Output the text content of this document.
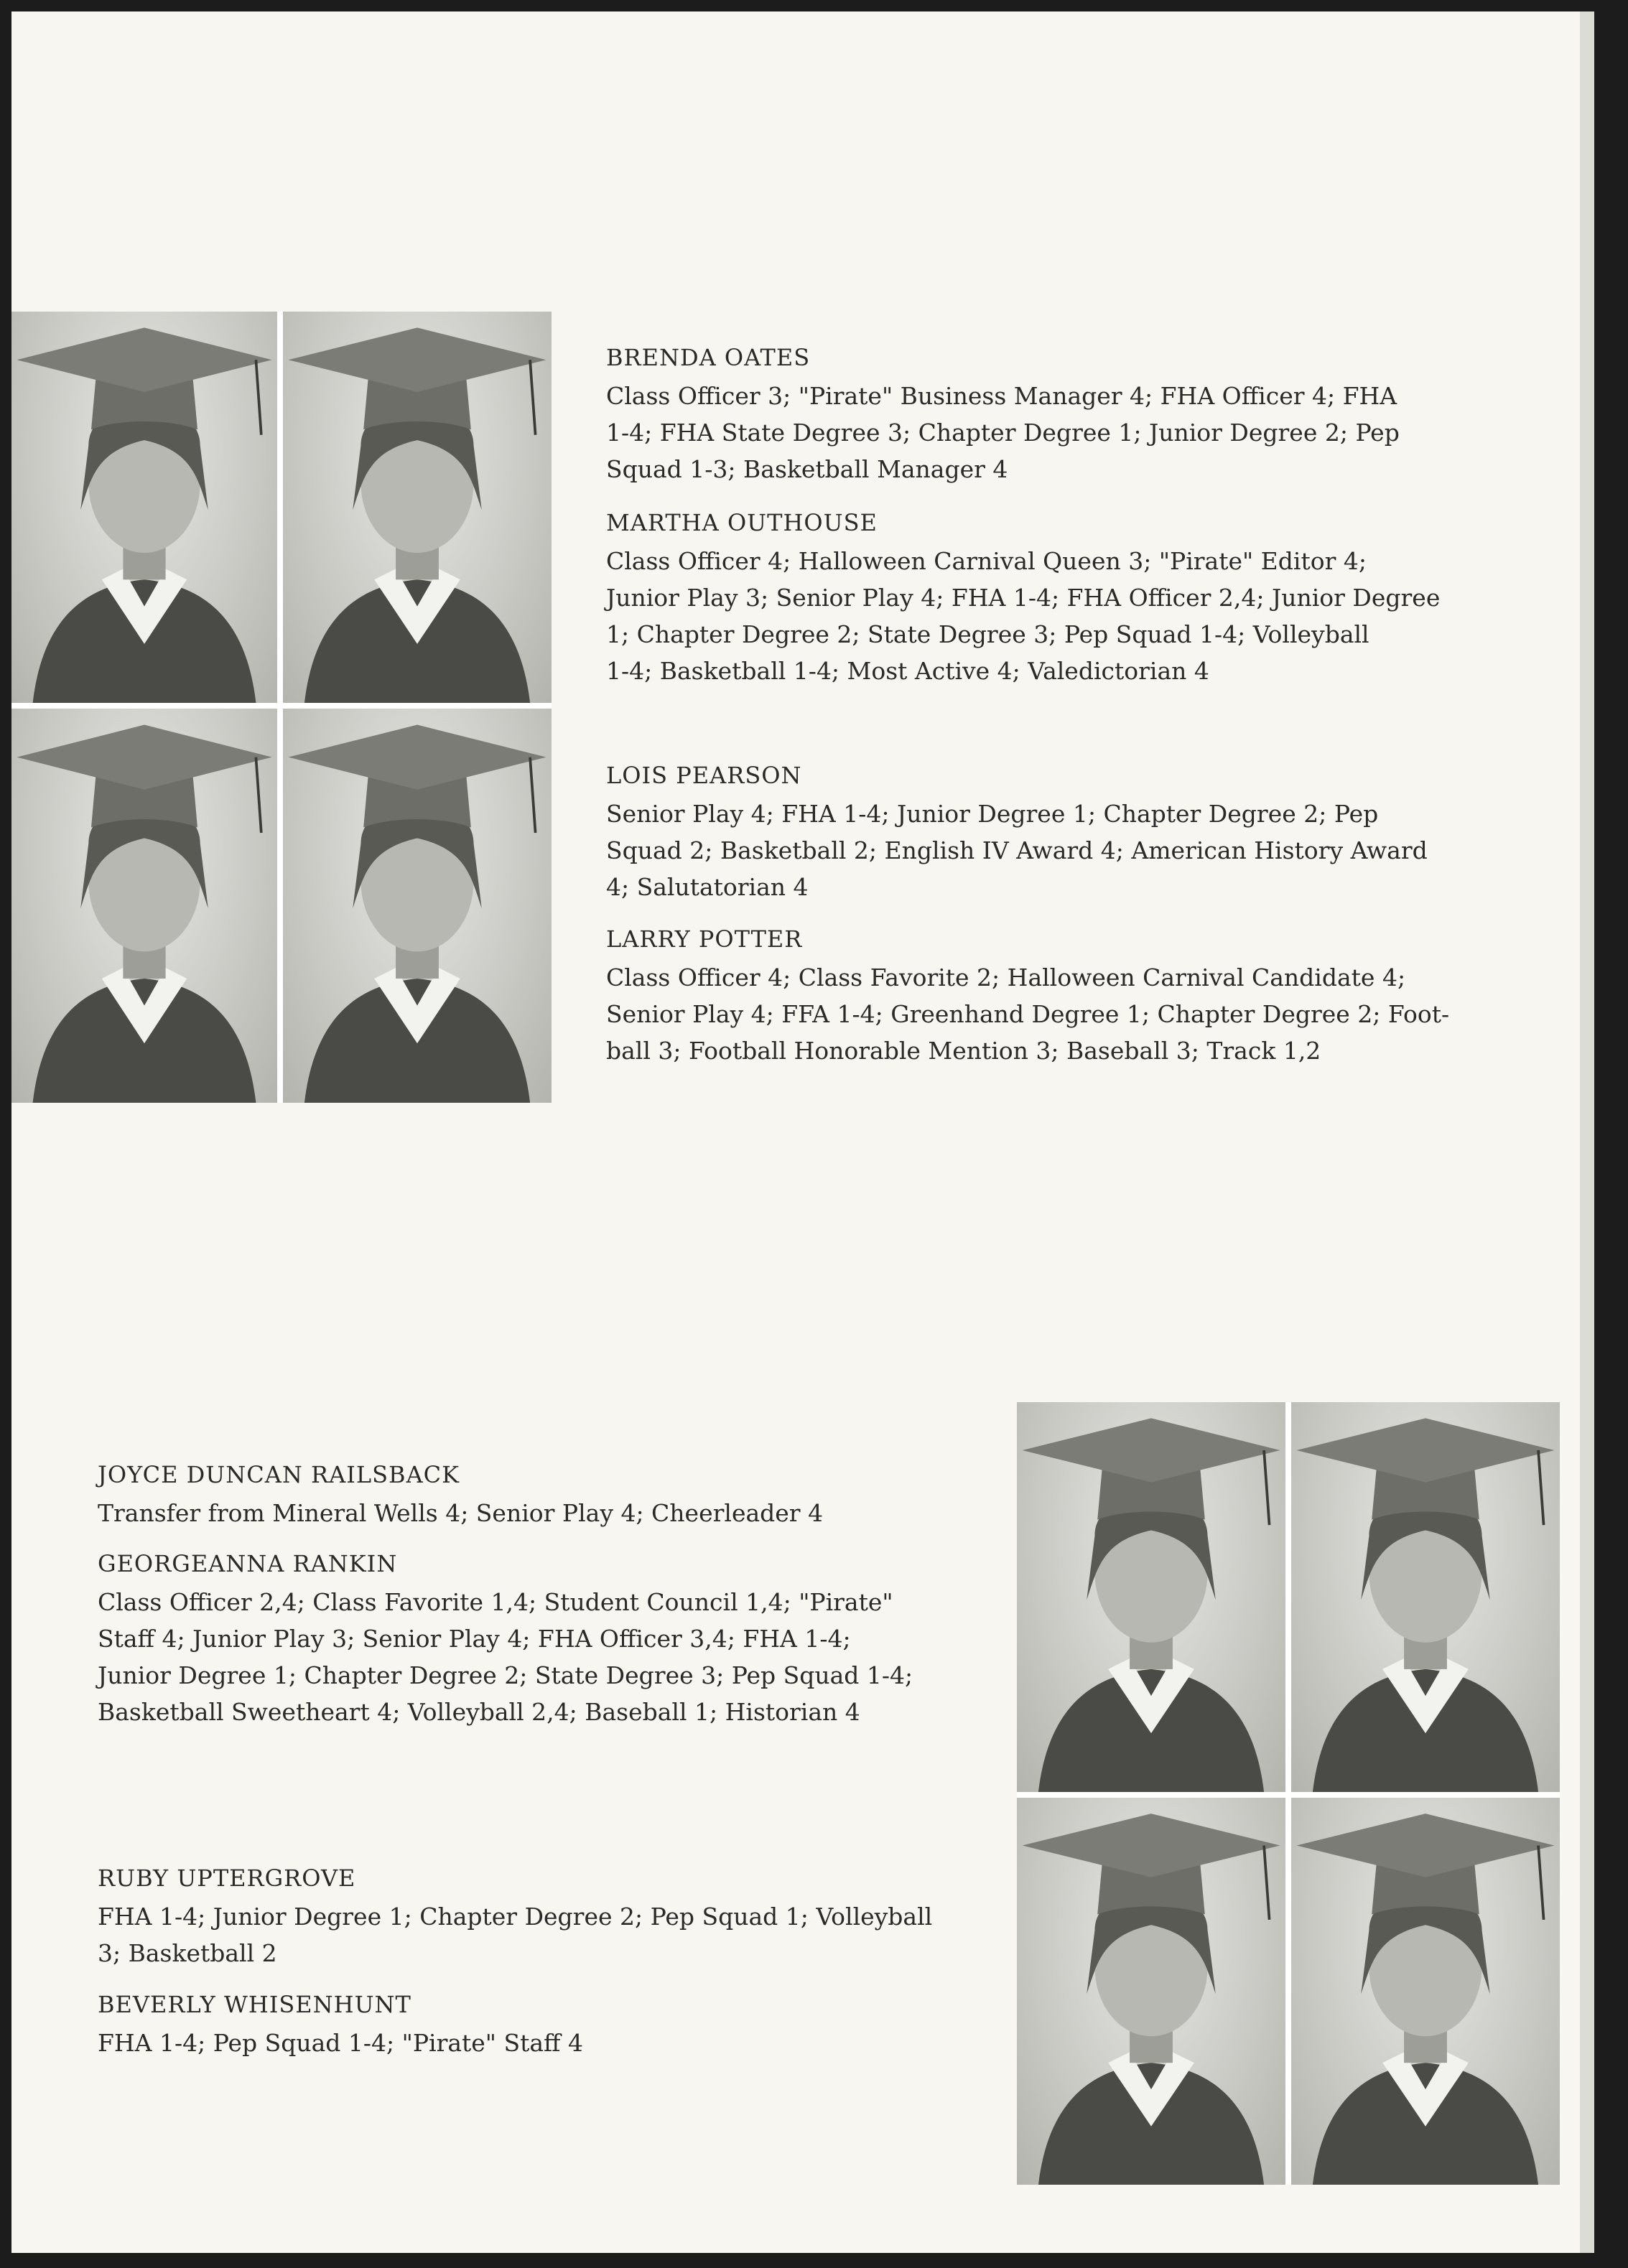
BRENDA OATES
Class Officer 3; "Pirate" Business Manager 4; FHA Officer 4; FHA
1-4; FHA State Degree 3; Chapter Degree 1; Junior Degree 2; Pep
Squad 1-3; Basketball Manager 4
MARTHA OUTHOUSE
Class Officer 4; Halloween Carnival Queen 3; "Pirate" Editor 4;
Junior Play 3; Senior Play 4; FHA 1-4; FHA Officer 2,4; Junior Degree
1; Chapter Degree 2; State Degree 3; Pep Squad 1-4; Volleyball
1-4; Basketball 1-4; Most Active 4; Valedictorian 4
LOIS PEARSON
Senior Play 4; FHA 1-4; Junior Degree 1; Chapter Degree 2; Pep
Squad 2; Basketball 2; English IV Award 4; American History Award
4; Salutatorian 4
LARRY POTTER
Class Officer 4; Class Favorite 2; Halloween Carnival Candidate 4;
Senior Play 4; FFA 1-4; Greenhand Degree 1; Chapter Degree 2; Foot-
ball 3; Football Honorable Mention 3; Baseball 3; Track 1,2
JOYCE DUNCAN RAILSBACK
Transfer from Mineral Wells 4; Senior Play 4; Cheerleader 4
GEORGEANNA RANKIN
Class Officer 2,4; Class Favorite 1,4; Student Council 1,4; "Pirate"
Staff 4; Junior Play 3; Senior Play 4; FHA Officer 3,4; FHA 1-4;
Junior Degree 1; Chapter Degree 2; State Degree 3; Pep Squad 1-4;
Basketball Sweetheart 4; Volleyball 2,4; Baseball 1; Historian 4
RUBY UPTERGROVE
FHA 1-4; Junior Degree 1; Chapter Degree 2; Pep Squad 1; Volleyball
3; Basketball 2
BEVERLY WHISENHUNT
FHA 1-4; Pep Squad 1-4; "Pirate" Staff 4
